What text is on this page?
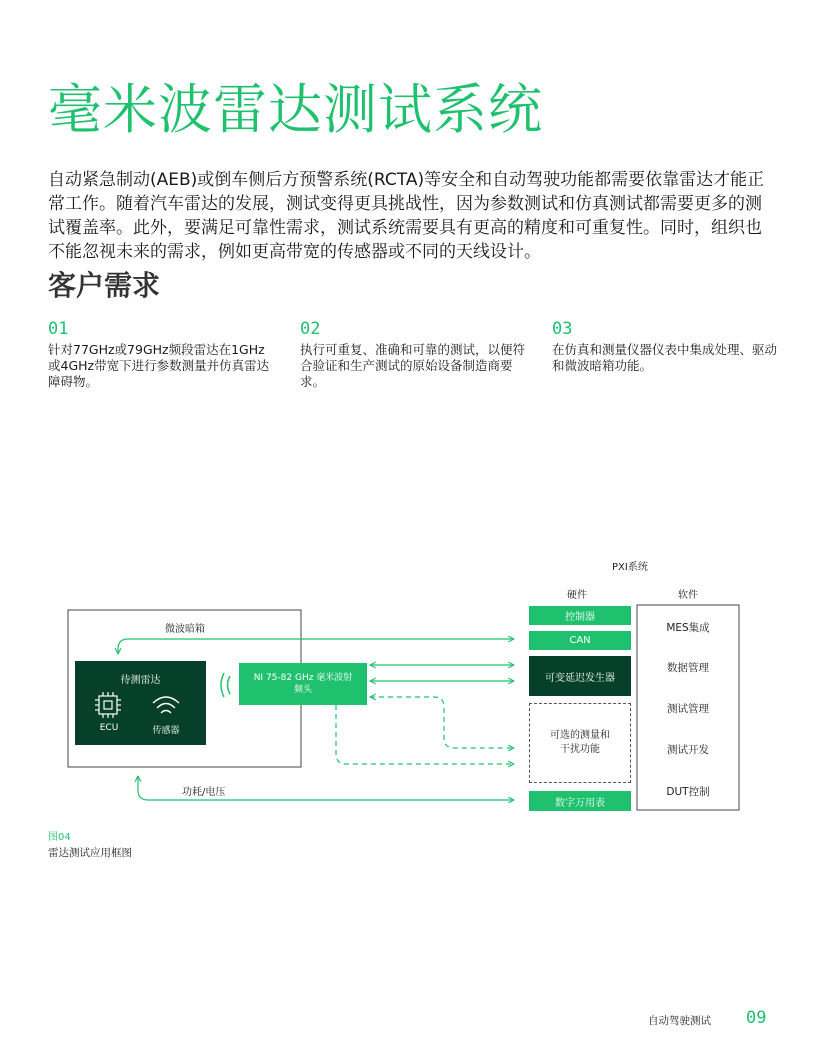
毫米波雷达测试系统

自动紧急制动(AEB)或倒车侧后方预警系统(RCTA)等安全和自动驾驶功能都需要依靠雷达才能正常工作。随着汽车雷达的发展，测试变得更具挑战性，因为参数测试和仿真测试都需要更多的测试覆盖率。此外，要满足可靠性需求，测试系统需要具有更高的精度和可重复性。同时，组织也不能忽视未来的需求，例如更高带宽的传感器或不同的天线设计。

客户需求
01
针对77GHz或79GHz频段雷达在1GHz或4GHz带宽下进行参数测量并仿真雷达障碍物。
02
执行可重复、准确和可靠的测试，以便符合验证和生产测试的原始设备制造商要求。
03
在仿真和测量仪器仪表中集成处理、驱动和微波暗箱功能。
PXI系统
硬件	软件
微波暗箱
功耗/电压
待测雷达
ECU	传感器
NI 75-82 GHz 毫米波射频头
控制器
CAN
可变延迟发生器
可选的测量和干扰功能
数字万用表
MES集成
数据管理
测试管理
测试开发
DUT控制
图04
雷达测试应用框图
自动驾驶测试 09
